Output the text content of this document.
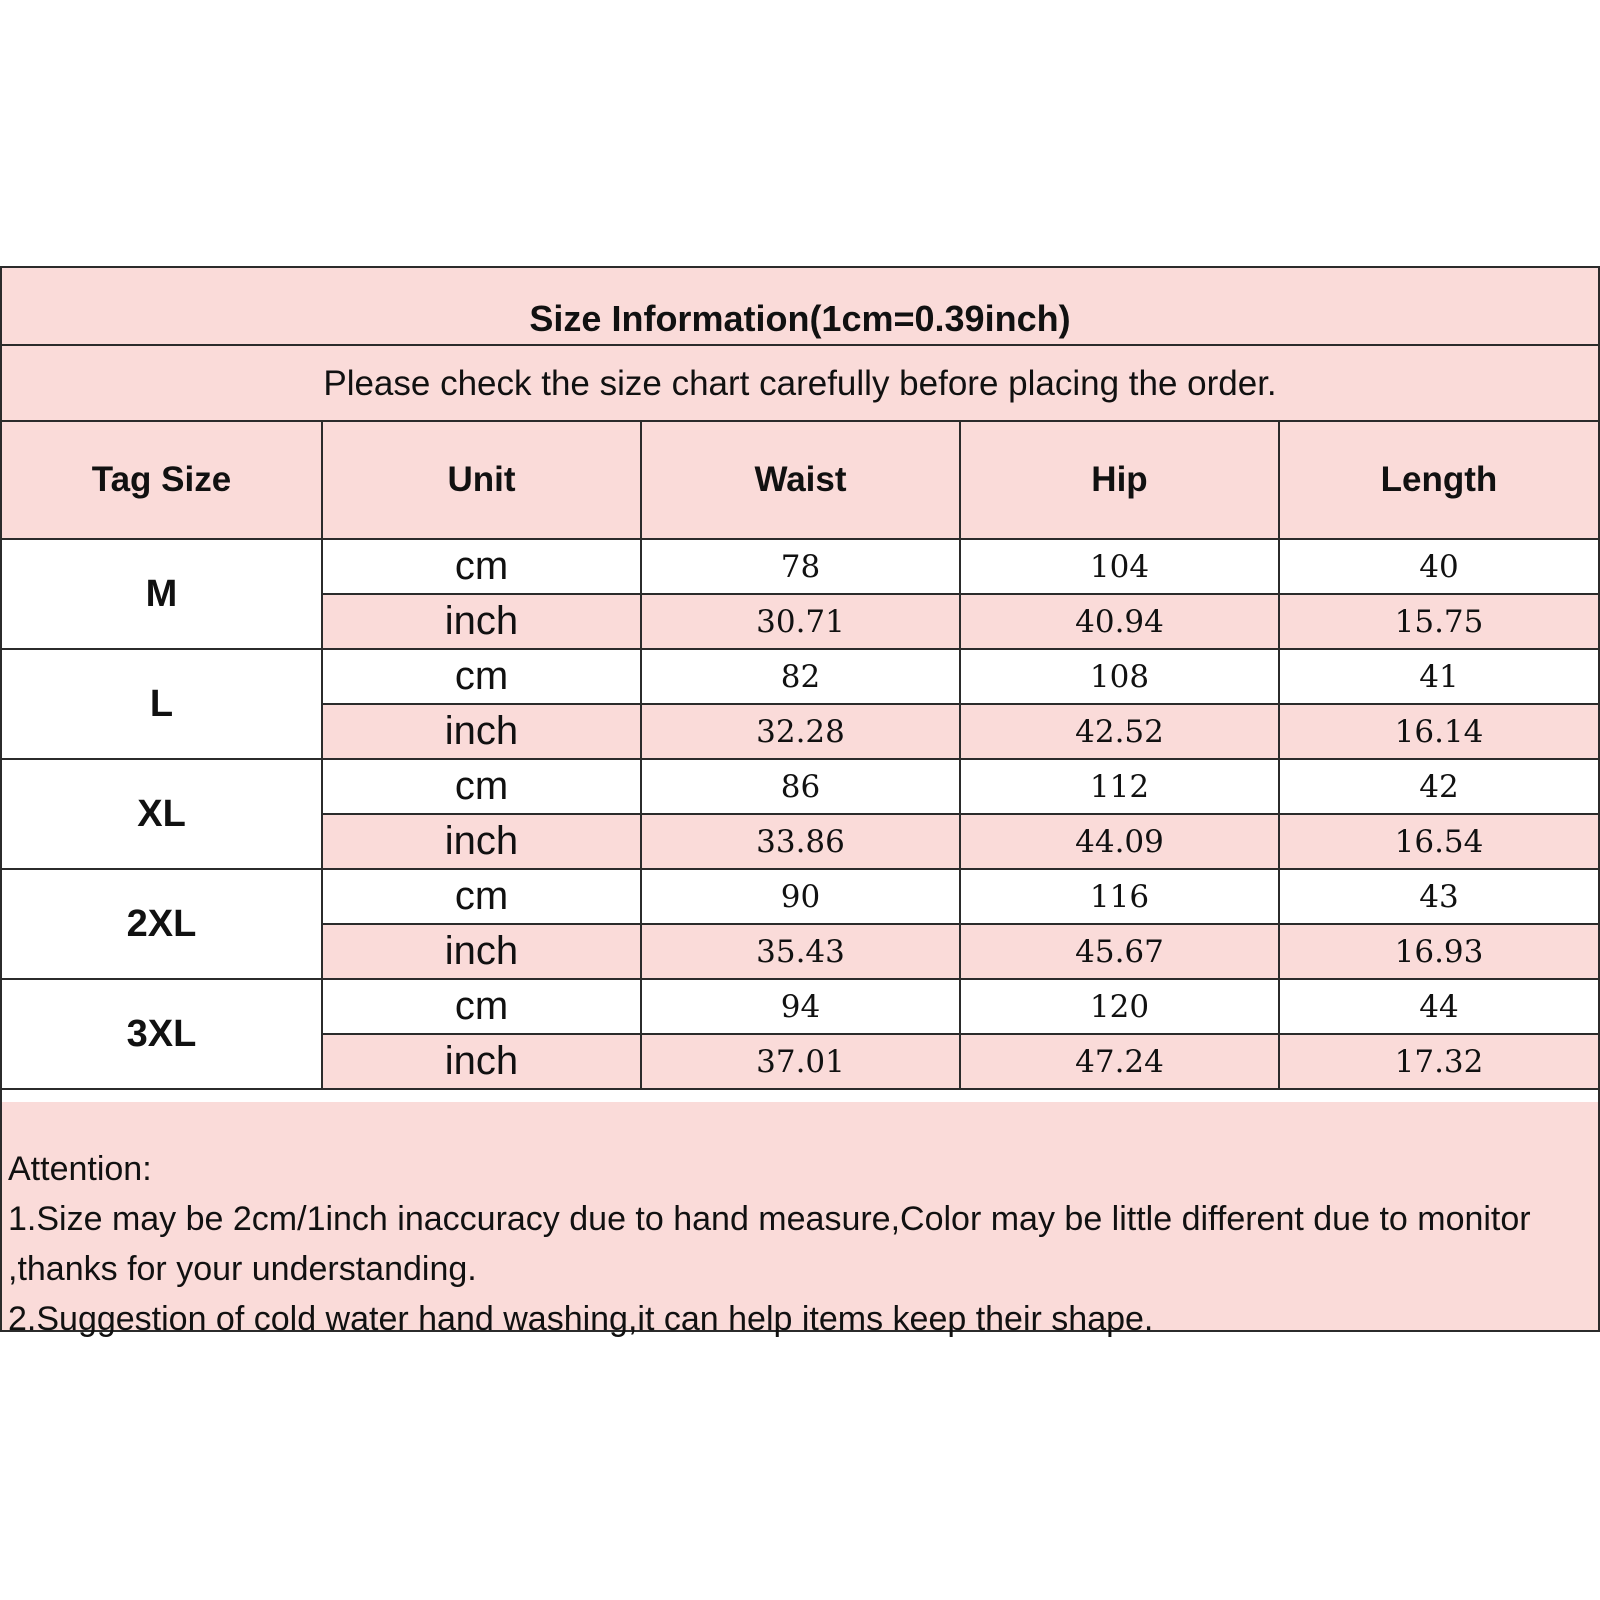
Size Information(1cm=0.39inch)
Please check the size chart carefully before placing the order.
Tag Size	Unit	Waist	Hip	Length
M	cm	78	104	40
	inch	30.71	40.94	15.75
L	cm	82	108	41
	inch	32.28	42.52	16.14
XL	cm	86	112	42
	inch	33.86	44.09	16.54
2XL	cm	90	116	43
	inch	35.43	45.67	16.93
3XL	cm	94	120	44
	inch	37.01	47.24	17.32

Attention:

1.Size may be 2cm/1inch inaccuracy due to hand measure,Color may be little different due to monitor ,thanks for your understanding.

2.Suggestion of cold water hand washing,it can help items keep their shape.
